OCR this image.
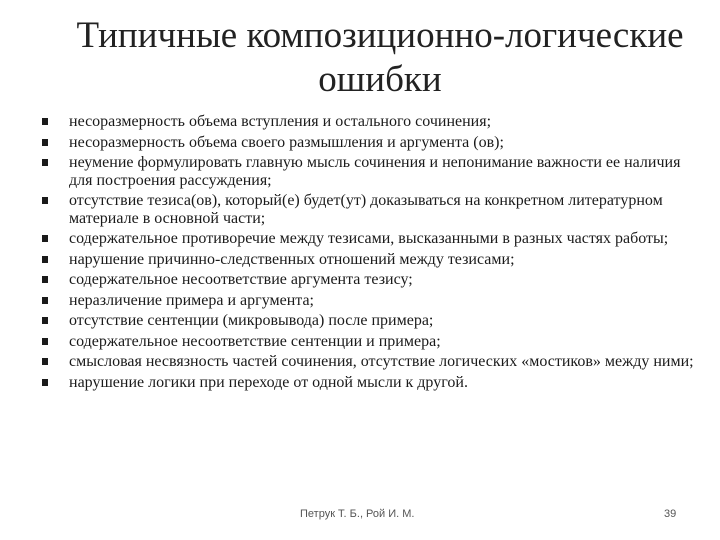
Типичные композиционно-логические ошибки
несоразмерность объема вступления и остального сочинения;
несоразмерность объема своего размышления и аргумента (ов);
неумение формулировать главную мысль сочинения и непонимание важности ее наличия для построения рассуждения;
отсутствие тезиса(ов), который(е) будет(ут) доказываться на конкретном литературном материале в основной части;
содержательное противоречие между тезисами, высказанными в разных частях работы;
нарушение причинно-следственных отношений между тезисами;
содержательное несоответствие аргумента тезису;
неразличение примера и аргумента;
отсутствие сентенции (микровывода) после примера;
содержательное несоответствие сентенции и примера;
смысловая несвязность частей сочинения, отсутствие логических «мостиков» между ними;
нарушение логики при переходе от одной мысли к другой.
Петрук Т. Б., Рой И. М.	39
